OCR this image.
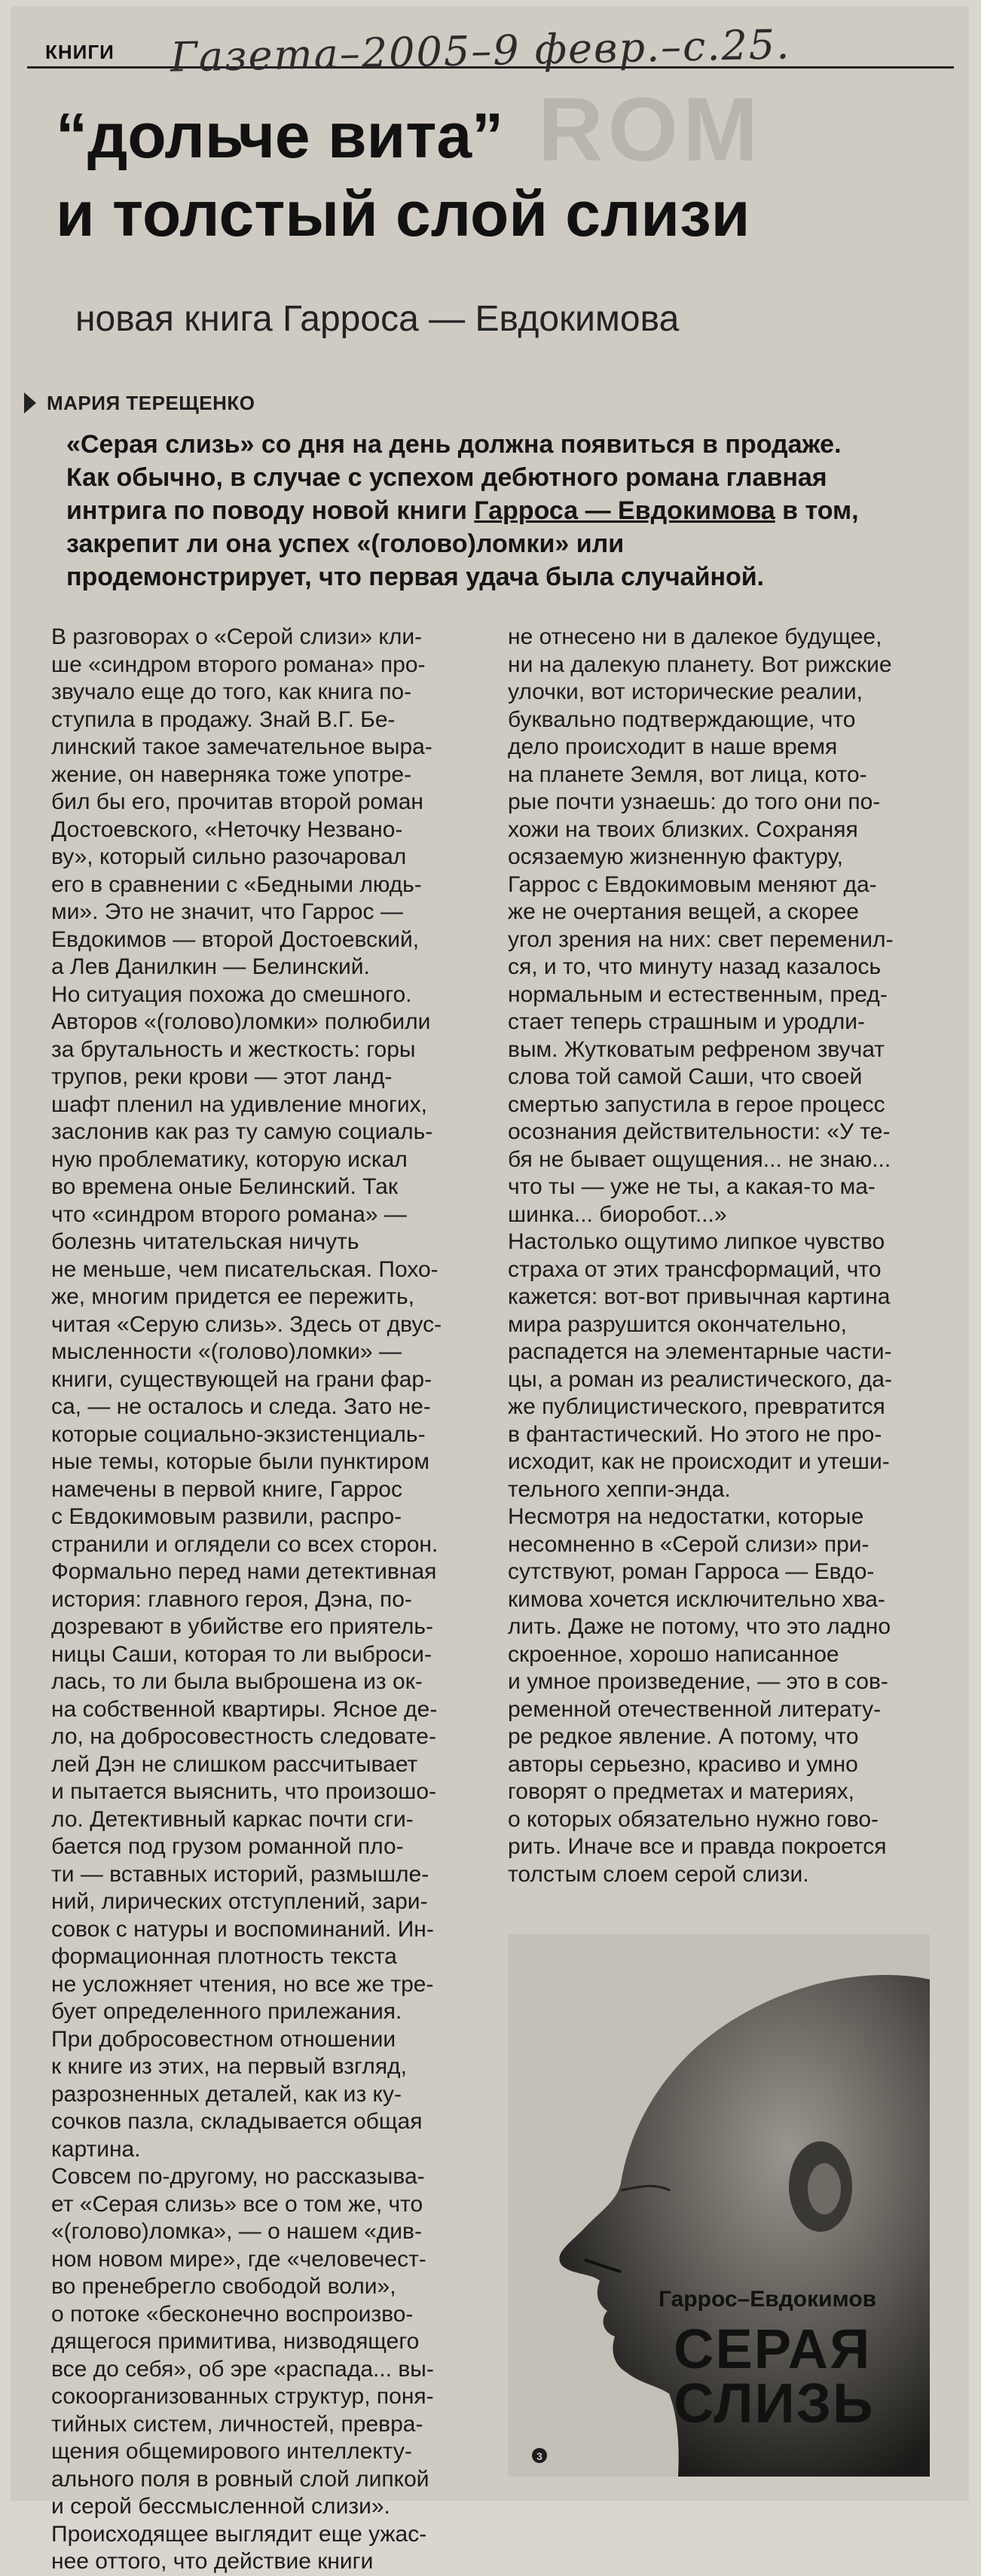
КНИГИ Газета–2005–9 февр.–с.25.
ROM
“дольче вита”
и толстый слой слизи
новая книга Гарроса — Евдокимова
МАРИЯ ТЕРЕЩЕНКО
«Серая слизь» со дня на день должна появиться в продаже.
Как обычно, в случае с успехом дебютного романа главная
интрига по поводу новой книги Гарроса — Евдокимова в том,
закрепит ли она успех «(голово)ломки» или
продемонстрирует, что первая удача была случайной.
В разговорах о «Серой слизи» кли-
ше «синдром второго романа» про-
звучало еще до того, как книга по-
ступила в продажу. Знай В.Г. Бе-
линский такое замечательное выра-
жение, он наверняка тоже употре-
бил бы его, прочитав второй роман
Достоевского, «Неточку Незвано-
ву», который сильно разочаровал
его в сравнении с «Бедными людь-
ми». Это не значит, что Гаррос —
Евдокимов — второй Достоевский,
а Лев Данилкин — Белинский.
Но ситуация похожа до смешного.
Авторов «(голово)ломки» полюбили
за брутальность и жесткость: горы
трупов, реки крови — этот ланд-
шафт пленил на удивление многих,
заслонив как раз ту самую социаль-
ную проблематику, которую искал
во времена оные Белинский. Так
что «синдром второго романа» —
болезнь читательская ничуть
не меньше, чем писательская. Похо-
же, многим придется ее пережить,
читая «Серую слизь». Здесь от двус-
мысленности «(голово)ломки» —
книги, существующей на грани фар-
са, — не осталось и следа. Зато не-
которые социально-экзистенциаль-
ные темы, которые были пунктиром
намечены в первой книге, Гаррос
с Евдокимовым развили, распро-
странили и оглядели со всех сторон.
Формально перед нами детективная
история: главного героя, Дэна, по-
дозревают в убийстве его приятель-
ницы Саши, которая то ли выброси-
лась, то ли была выброшена из ок-
на собственной квартиры. Ясное де-
ло, на добросовестность следовате-
лей Дэн не слишком рассчитывает
и пытается выяснить, что произошо-
ло. Детективный каркас почти сги-
бается под грузом романной пло-
ти — вставных историй, размышле-
ний, лирических отступлений, зари-
совок с натуры и воспоминаний. Ин-
формационная плотность текста
не усложняет чтения, но все же тре-
бует определенного прилежания.
При добросовестном отношении
к книге из этих, на первый взгляд,
разрозненных деталей, как из ку-
сочков пазла, складывается общая
картина.
Совсем по-другому, но рассказыва-
ет «Серая слизь» все о том же, что
«(голово)ломка», — о нашем «див-
ном новом мире», где «человечест-
во пренебрегло свободой воли»,
о потоке «бесконечно воспроизво-
дящегося примитива, низводящего
все до себя», об эре «распада... вы-
сокоорганизованных структур, поня-
тийных систем, личностей, превра-
щения общемирового интеллекту-
ального поля в ровный слой липкой
и серой бессмысленной слизи».
Происходящее выглядит еще ужас-
нее оттого, что действие книги
не отнесено ни в далекое будущее,
ни на далекую планету. Вот рижские
улочки, вот исторические реалии,
буквально подтверждающие, что
дело происходит в наше время
на планете Земля, вот лица, кото-
рые почти узнаешь: до того они по-
хожи на твоих близких. Сохраняя
осязаемую жизненную фактуру,
Гаррос с Евдокимовым меняют да-
же не очертания вещей, а скорее
угол зрения на них: свет переменил-
ся, и то, что минуту назад казалось
нормальным и естественным, пред-
стает теперь страшным и уродли-
вым. Жутковатым рефреном звучат
слова той самой Саши, что своей
смертью запустила в герое процесс
осознания действительности: «У те-
бя не бывает ощущения... не знаю...
что ты — уже не ты, а какая-то ма-
шинка... биоробот...»
Настолько ощутимо липкое чувство
страха от этих трансформаций, что
кажется: вот-вот привычная картина
мира разрушится окончательно,
распадется на элементарные части-
цы, а роман из реалистического, да-
же публицистического, превратится
в фантастический. Но этого не про-
исходит, как не происходит и утеши-
тельного хеппи-энда.
Несмотря на недостатки, которые
несомненно в «Серой слизи» при-
сутствуют, роман Гарроса — Евдо-
кимова хочется исключительно хва-
лить. Даже не потому, что это ладно
скроенное, хорошо написанное
и умное произведение, — это в сов-
ременной отечественной литерату-
ре редкое явление. А потому, что
авторы серьезно, красиво и умно
говорят о предметах и материях,
о которых обязательно нужно гово-
рить. Иначе все и правда покроется
толстым слоем серой слизи.
3
Гаррос–Евдокимов
СЕРАЯ
СЛИЗЬ
